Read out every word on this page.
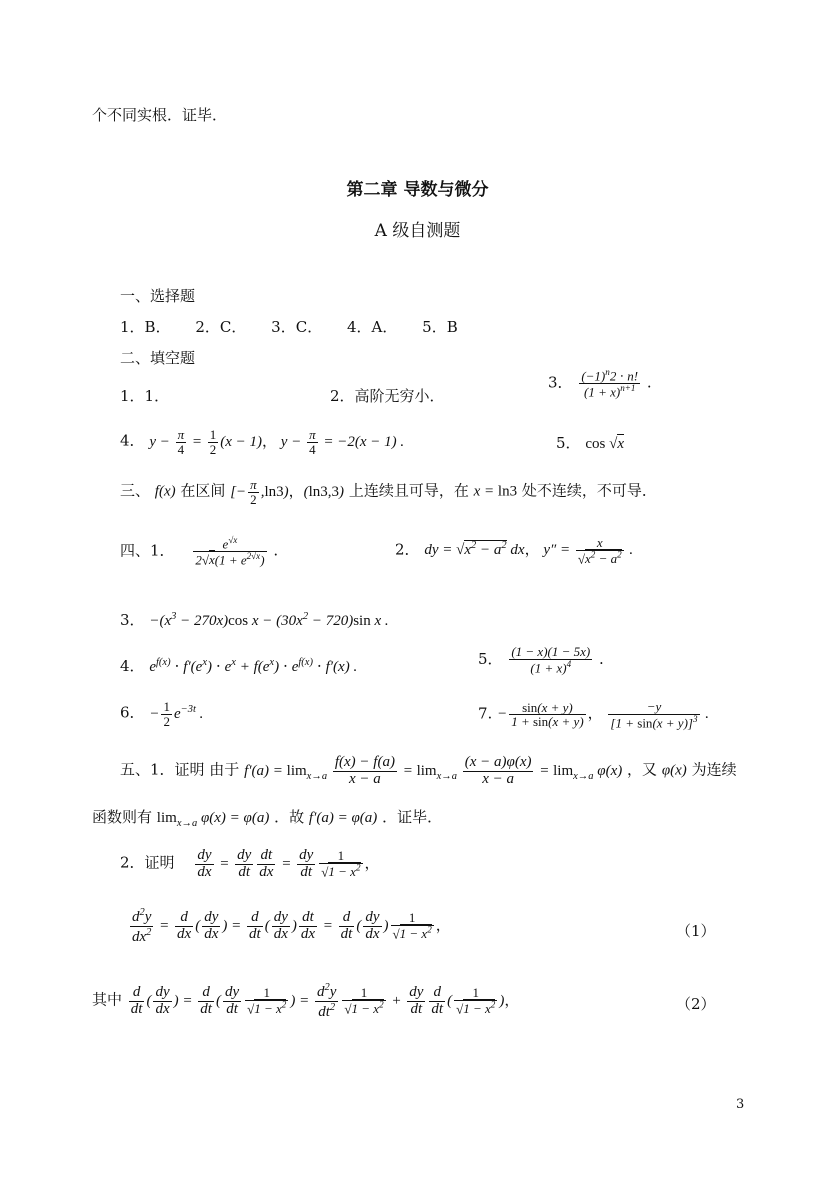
个不同实根．证毕．
第二章 导数与微分
A 级自测题
一、选择题
1．B． 2．C． 3．C． 4．A． 5．B
二、填空题
1．1．	2．高阶无穷小．
3． $\frac{(-1)^n2 \cdot n!}{(1 + x)^{n+1}}$ .
4． $y - \frac{\pi}{4} = \frac{1}{2} (x - 1)$， $y - \frac{\pi}{4} = -2(x - 1)$ .	5． cos √x
三、 f(x) 在区间 [− $\frac{\pi}{2} ,\ln 3$)，(ln3,3) 上连续且可导，在 x = ln3 处不连续，不可导．
四、1． $\frac{e^{√x}}{2√x(1 + e^{2√x})}$ .	2． dy = $√x^2 - a^2$ dx， $y'' = \frac{x}{√x^2 - a^2}$ .
3． $-(x^3 - 270x)\cos$ $x - (30x^2 - 720)\sin$ x .
4． $e^{f(x)} \cdot f'(e^x) \cdot e^x + f(e^x) \cdot e^{f(x)} \cdot f'(x)$ .	5． $\frac{(1 - x)(1 - 5x)}{(1 + x)^4}$ .
6． − $\frac{1}{2} e^{-3t}$ .	7. − $\frac{\sin(x + y)}{1 + \sin(x + y)}$ ， $\frac{-y}{[1 + \sin(x + y)]^3}$ .
五、1．证明 由于 $f'(a) = \lim_{x\to a} \frac{f(x) - f(a)}{x - a} = \lim_{x\to a} \frac{(x - a)\varphi(x)}{x - a} = \lim_{x\to a} \varphi(x)$ ，又 φ(x) 为连续
函数则有 $\lim_{x\to a} \varphi(x) = \varphi(a)$ ．故 f′(a) = φ(a) ．证毕．
2．证明 $\frac{dy}{dx} = \frac{dy}{dt} \frac{dt}{dx} = \frac{dy}{dt} \frac{1}{√1 - x^2}$ ，
$\frac{d^2y}{dx^2} = \frac{d}{dx}$ ( $\frac{dy}{dx}$ ) = $\frac{d}{dt}$ ( $\frac{dy}{dx}$ ) $\frac{dt}{dx} = \frac{d}{dt}$ ( $\frac{dy}{dx}$ ) $\frac{1}{√1 - x^2}$ ，	（1）
其中 $\frac{d}{dt}$ ( $\frac{dy}{dx}$ ) = $\frac{d}{dt}$ ( $\frac{dy}{dt} \frac{1}{√1 - x^2}$ ) = $\frac{d^2y}{dt^2} \frac{1}{√1 - x^2} + \frac{dy}{dt} \frac{d}{dt}$ ( $\frac{1}{√1 - x^2}$ )，	（2）
3
